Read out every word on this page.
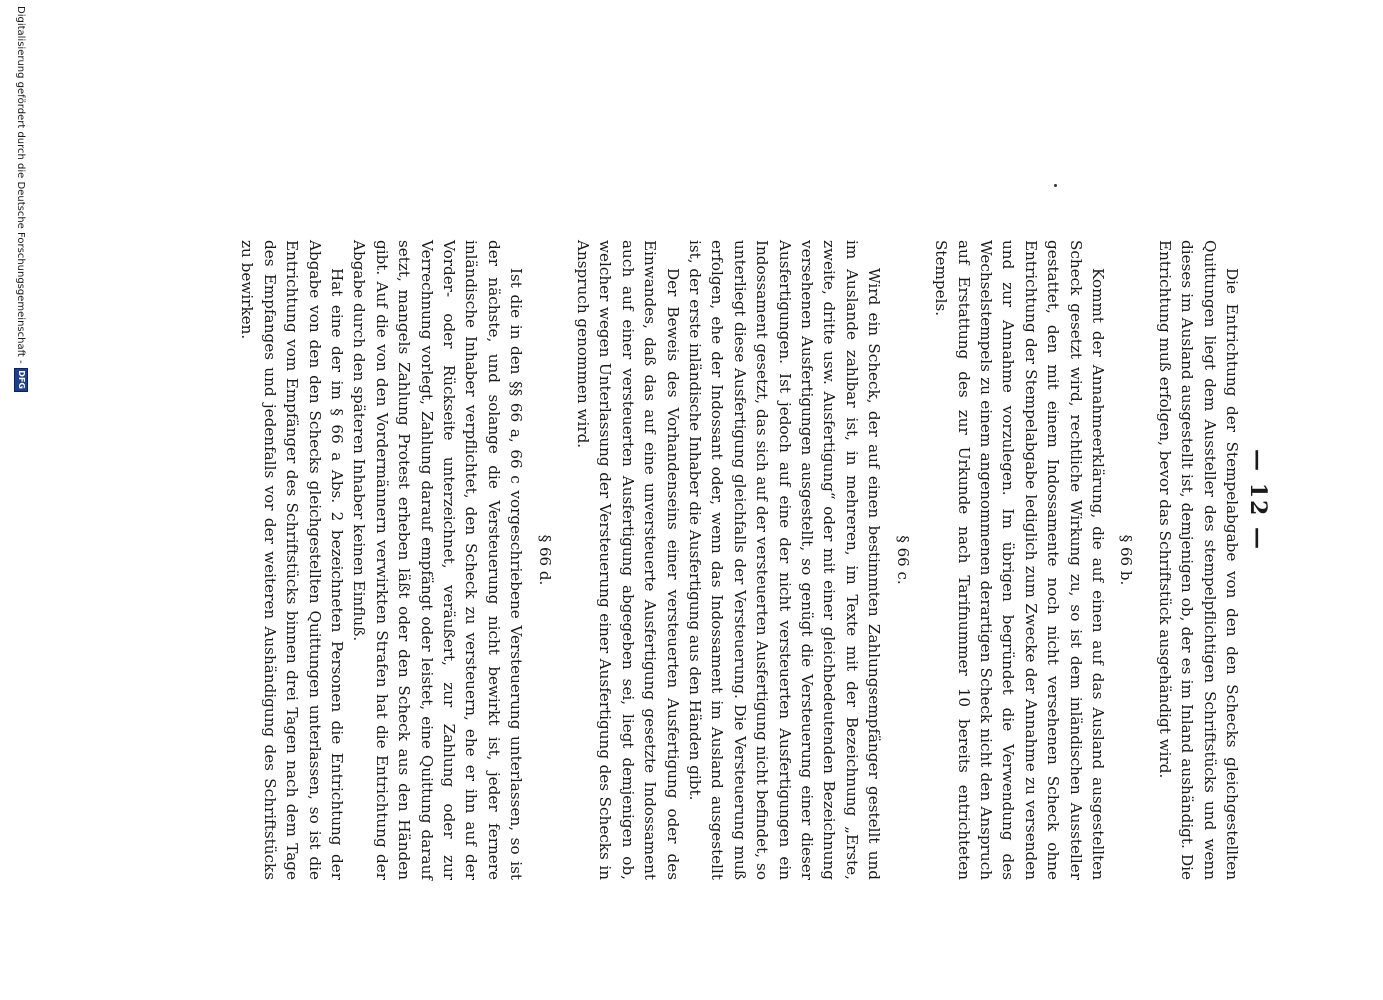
— 12 —

Die Entrichtung der Stempelabgabe von den den Schecks gleichgestellten Quittungen liegt dem Aussteller des stempelpflichtigen Schriftstücks und wenn dieses im Ausland ausgestellt ist, demjenigen ob, der es im Inland aushändigt. Die Entrichtung muß erfolgen, bevor das Schriftstück ausgehändigt wird.

§ 66 b.

Kommt der Annahmeerklärung, die auf einen auf das Ausland ausgestellten Scheck gesetzt wird, rechtliche Wirkung zu, so ist dem inländischen Aussteller gestattet, den mit einem Indossamente noch nicht versehenen Scheck ohne Entrichtung der Stempelabgabe lediglich zum Zwecke der Annahme zu versenden und zur Annahme vorzulegen. Im übrigen begründet die Verwendung des Wechselstempels zu einem angenommenen derartigen Scheck nicht den Anspruch auf Erstattung des zur Urkunde nach Tarifnummer 10 bereits entrichteten Stempels.

§ 66 c.

Wird ein Scheck, der auf einen bestimmten Zahlungsempfänger gestellt und im Auslande zahlbar ist, in mehreren, im Texte mit der Bezeichnung „Erste, zweite, dritte usw. Ausfertigung“ oder mit einer gleichbedeutenden Bezeichnung versehenen Ausfertigungen ausgestellt, so genügt die Versteuerung einer dieser Ausfertigungen. Ist jedoch auf eine der nicht versteuerten Ausfertigungen ein Indossament gesetzt, das sich auf der versteuerten Ausfertigung nicht befindet, so unterliegt diese Ausfertigung gleichfalls der Versteuerung. Die Versteuerung muß erfolgen, ehe der Indossant oder, wenn das Indossament im Ausland ausgestellt ist, der erste inländische Inhaber die Ausfertigung aus den Händen gibt.

Der Beweis des Vorhandenseins einer versteuerten Ausfertigung oder des Einwandes, daß das auf eine unversteuerte Ausfertigung gesetzte Indossament auch auf einer versteuerten Ausfertigung abgegeben sei, liegt demjenigen ob, welcher wegen Unterlassung der Versteuerung einer Ausfertigung des Schecks in Anspruch genommen wird.

§ 66 d.

Ist die in den §§ 66 a, 66 c vorgeschriebene Versteuerung unterlassen, so ist der nächste, und solange die Versteuerung nicht bewirkt ist, jeder fernere inländische Inhaber verpflichtet, den Scheck zu versteuern, ehe er ihn auf der Vorder- oder Rückseite unterzeichnet, veräußert, zur Zahlung oder zur Verrechnung vorlegt, Zahlung darauf empfängt oder leistet, eine Quittung darauf setzt, mangels Zahlung Protest erheben läßt oder den Scheck aus den Händen gibt. Auf die von den Vordermännern verwirkten Strafen hat die Entrichtung der Abgabe durch den späteren Inhaber keinen Einfluß.

Hat eine der im § 66 a Abs. 2 bezeichneten Personen die Entrichtung der Abgabe von den den Schecks gleichgestellten Quittungen unterlassen, so ist die Entrichtung vom Empfänger des Schriftstücks binnen drei Tagen nach dem Tage des Empfanges und jedenfalls vor der weiteren Aushändigung des Schriftstücks zu bewirken.

Digitalisierung gefördert durch die Deutsche Forschungsgemeinschaft -
DFG
